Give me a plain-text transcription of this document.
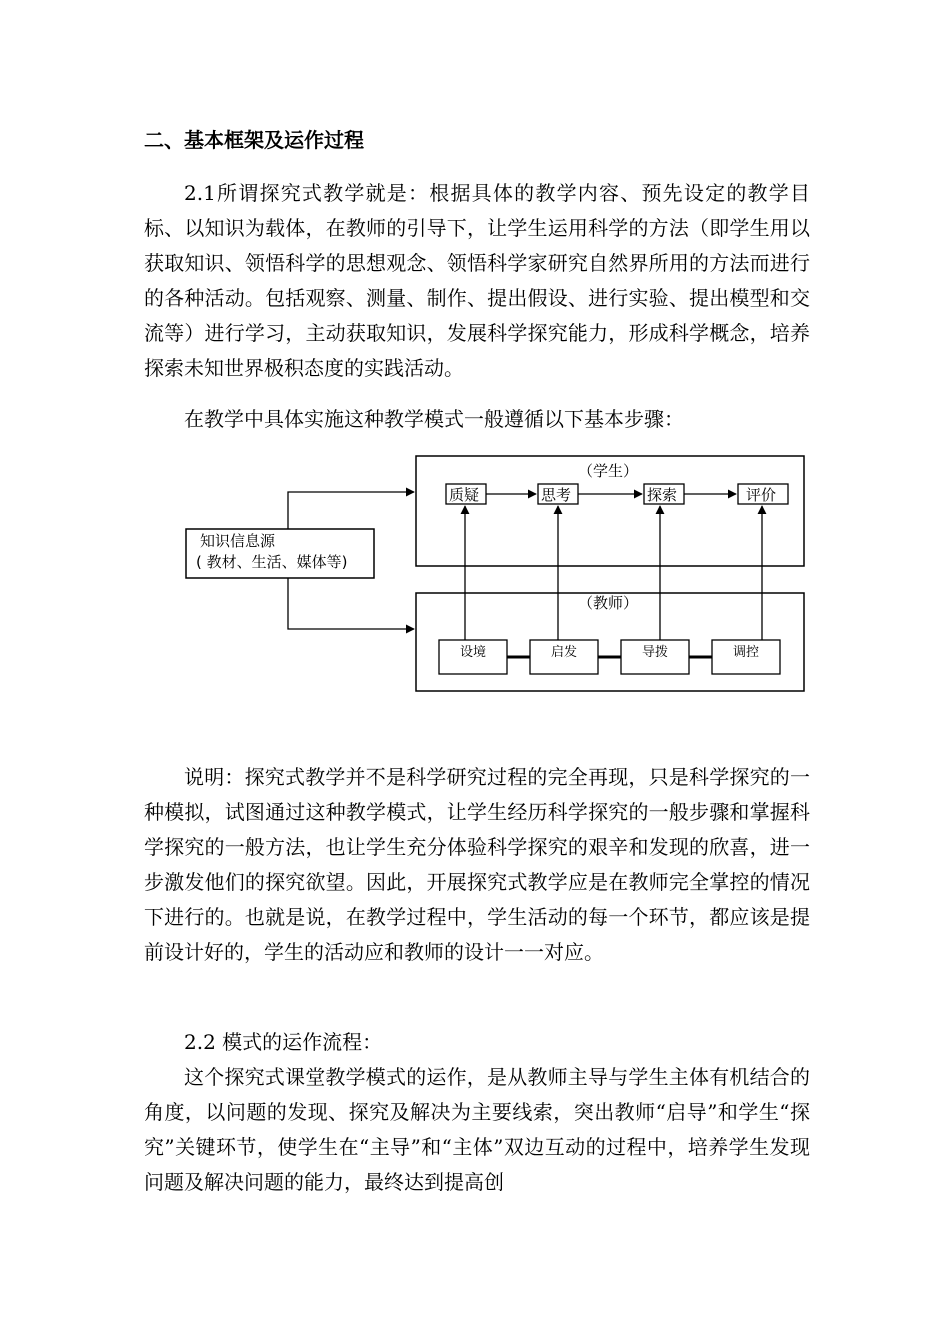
二、基本框架及运作过程

2.1所谓探究式教学就是：根据具体的教学内容、预先设定的教学目标、以知识为载体，在教师的引导下，让学生运用科学的方法（即学生用以获取知识、领悟科学的思想观念、领悟科学家研究自然界所用的方法而进行的各种活动。包括观察、测量、制作、提出假设、进行实验、提出模型和交流等）进行学习，主动获取知识，发展科学探究能力，形成科学概念，培养探索未知世界极积态度的实践活动。

在教学中具体实施这种教学模式一般遵循以下基本步骤：

知识信息源
( 教材、生活、媒体等)
（学生）
（教师）
质疑	思考	探索	评价
设境	启发	导拨	调控

说明：探究式教学并不是科学研究过程的完全再现，只是科学探究的一种模拟，试图通过这种教学模式，让学生经历科学探究的一般步骤和掌握科学探究的一般方法，也让学生充分体验科学探究的艰辛和发现的欣喜，进一步激发他们的探究欲望。因此，开展探究式教学应是在教师完全掌控的情况下进行的。也就是说，在教学过程中，学生活动的每一个环节，都应该是提前设计好的，学生的活动应和教师的设计一一对应。

2.2 模式的运作流程：

这个探究式课堂教学模式的运作，是从教师主导与学生主体有机结合的角度，以问题的发现、探究及解决为主要线索，突出教师“启导”和学生“探究”关键环节，使学生在“主导”和“主体”双边互动的过程中，培养学生发现问题及解决问题的能力，最终达到提高创
